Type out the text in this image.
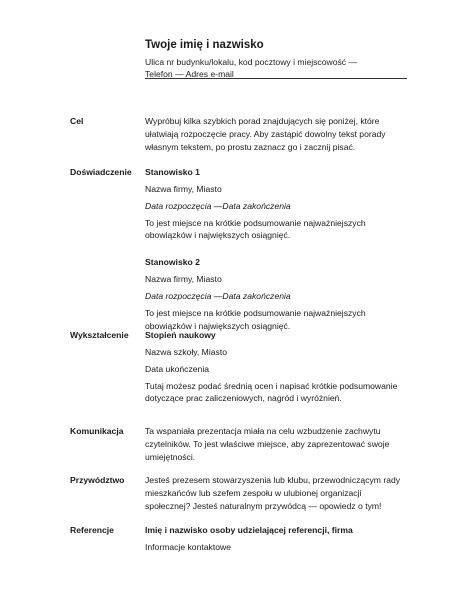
Twoje imię i nazwisko
Ulica nr budynku/lokalu, kod pocztowy i miejscowość —
Telefon — Adres e-mail
Cel	Wypróbuj kilka szybkich porad znajdujących się poniżej, które ułatwiają rozpoczęcie pracy. Aby zastąpić dowolny tekst porady własnym tekstem, po prostu zaznacz go i zacznij pisać.

Doświadczenie	Stanowisko 1

Nazwa firmy, Miasto

Data rozpoczęcia —Data zakończenia

To jest miejsce na krótkie podsumowanie najważniejszych obowiązków i największych osiągnięć.

Stanowisko 2

Nazwa firmy, Miasto

Data rozpoczęcia —Data zakończenia

To jest miejsce na krótkie podsumowanie najważniejszych obowiązków i największych osiągnięć.

Wykształcenie	Stopień naukowy

Nazwa szkoły, Miasto

Data ukończenia

Tutaj możesz podać średnią ocen i napisać krótkie podsumowanie dotyczące prac zaliczeniowych, nagród i wyróżnień.

Komunikacja	Ta wspaniała prezentacja miała na celu wzbudzenie zachwytu czytelników. To jest właściwe miejsce, aby zaprezentować swoje umiejętności.

Przywództwo	Jesteś prezesem stowarzyszenia lub klubu, przewodniczącym rady mieszkańców lub szefem zespołu w ulubionej organizacji społecznej? Jesteś naturalnym przywódcą — opowiedz o tym!

Referencje	Imię i nazwisko osoby udzielającej referencji, firma

Informacje kontaktowe
